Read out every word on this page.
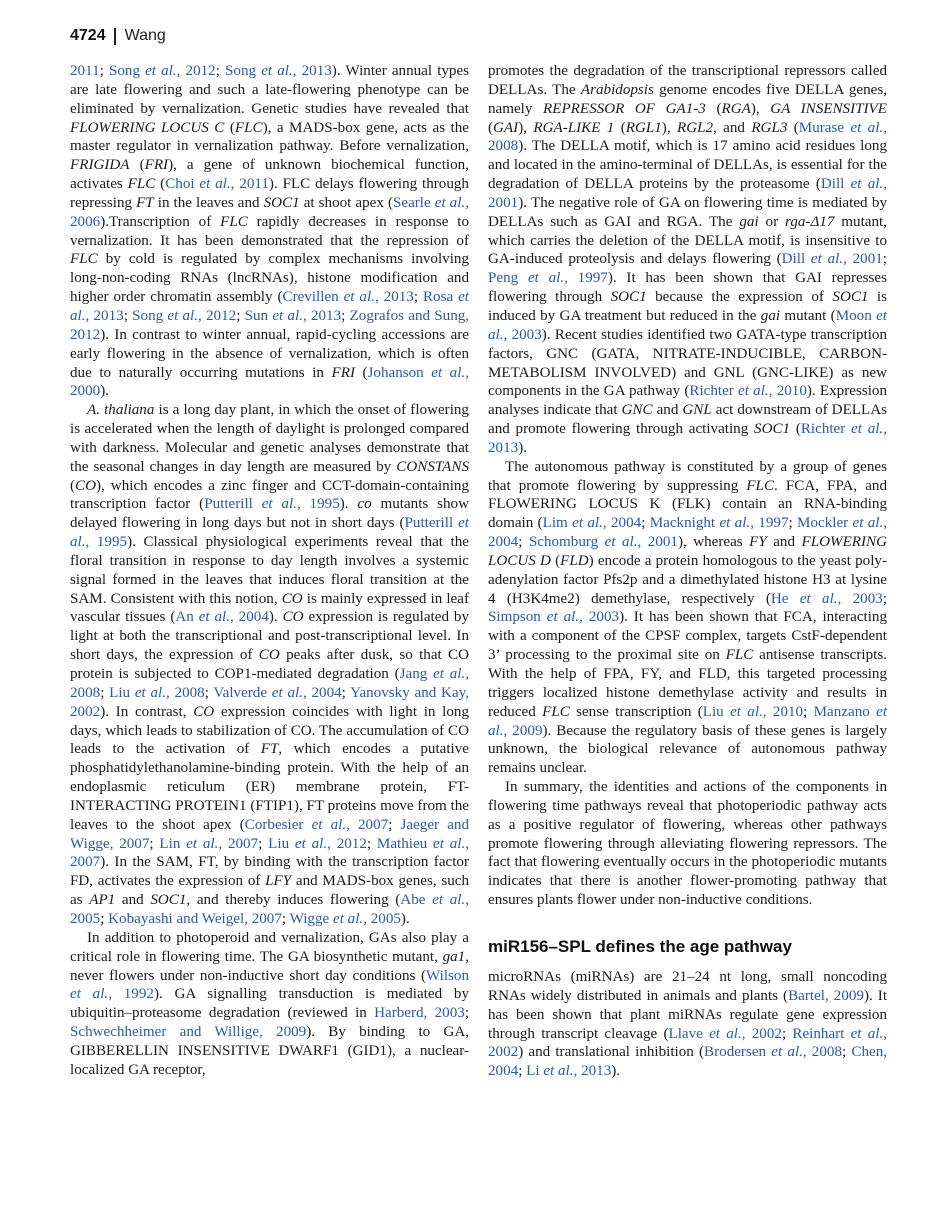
4724 Wang

2011; Song et al., 2012; Song et al., 2013). Winter annual types are late flowering and such a late-flowering phenotype can be eliminated by vernalization. Genetic studies have revealed that FLOWERING LOCUS C (FLC), a MADS-box gene, acts as the master regulator in vernalization pathway. Before vernalization, FRIGIDA (FRI), a gene of unknown biochemical function, activates FLC (Choi et al., 2011). FLC delays flowering through repressing FT in the leaves and SOC1 at shoot apex (Searle et al., 2006).Transcription of FLC rapidly decreases in response to vernalization. It has been demonstrated that the repression of FLC by cold is regulated by complex mechanisms involving long-non-coding RNAs (lncRNAs), histone modification and higher order chromatin assembly (Crevillen et al., 2013; Rosa et al., 2013; Song et al., 2012; Sun et al., 2013; Zografos and Sung, 2012). In contrast to winter annual, rapid-cycling accessions are early flowering in the absence of vernalization, which is often due to naturally occurring mutations in FRI (Johanson et al., 2000).

A. thaliana is a long day plant, in which the onset of flowering is accelerated when the length of daylight is prolonged compared with darkness. Molecular and genetic analyses demonstrate that the seasonal changes in day length are measured by CONSTANS (CO), which encodes a zinc finger and CCT-domain-containing transcription factor (Putterill et al., 1995). co mutants show delayed flowering in long days but not in short days (Putterill et al., 1995). Classical physiological experiments reveal that the floral transition in response to day length involves a systemic signal formed in the leaves that induces floral transition at the SAM. Consistent with this notion, CO is mainly expressed in leaf vascular tissues (An et al., 2004). CO expression is regulated by light at both the transcriptional and post-transcriptional level. In short days, the expression of CO peaks after dusk, so that CO protein is subjected to COP1-mediated degradation (Jang et al., 2008; Liu et al., 2008; Valverde et al., 2004; Yanovsky and Kay, 2002). In contrast, CO expression coincides with light in long days, which leads to stabilization of CO. The accumulation of CO leads to the activation of FT, which encodes a putative phosphatidylethanolamine-binding protein. With the help of an endoplasmic reticulum (ER) membrane protein, FT-INTERACTING PROTEIN1 (FTIP1), FT proteins move from the leaves to the shoot apex (Corbesier et al., 2007; Jaeger and Wigge, 2007; Lin et al., 2007; Liu et al., 2012; Mathieu et al., 2007). In the SAM, FT, by binding with the transcription factor FD, activates the expression of LFY and MADS-box genes, such as AP1 and SOC1, and thereby induces flowering (Abe et al., 2005; Kobayashi and Weigel, 2007; Wigge et al., 2005).

In addition to photoperoid and vernalization, GAs also play a critical role in flowering time. The GA biosynthetic mutant, ga1, never flowers under non-inductive short day conditions (Wilson et al., 1992). GA signalling transduction is mediated by ubiquitin–proteasome degradation (reviewed in Harberd, 2003; Schwechheimer and Willige, 2009). By binding to GA, GIBBERELLIN INSENSITIVE DWARF1 (GID1), a nuclear-localized GA receptor,

promotes the degradation of the transcriptional repressors called DELLAs. The Arabidopsis genome encodes five DELLA genes, namely REPRESSOR OF GA1-3 (RGA), GA INSENSITIVE (GAI), RGA-LIKE 1 (RGL1), RGL2, and RGL3 (Murase et al., 2008). The DELLA motif, which is 17 amino acid residues long and located in the amino-terminal of DELLAs, is essential for the degradation of DELLA proteins by the proteasome (Dill et al., 2001). The negative role of GA on flowering time is mediated by DELLAs such as GAI and RGA. The gai or rga-Δ17 mutant, which carries the deletion of the DELLA motif, is insensitive to GA-induced proteolysis and delays flowering (Dill et al., 2001; Peng et al., 1997). It has been shown that GAI represses flowering through SOC1 because the expression of SOC1 is induced by GA treatment but reduced in the gai mutant (Moon et al., 2003). Recent studies identified two GATA-type transcription factors, GNC (GATA, NITRATE-INDUCIBLE, CARBON-METABOLISM INVOLVED) and GNL (GNC-LIKE) as new components in the GA pathway (Richter et al., 2010). Expression analyses indicate that GNC and GNL act downstream of DELLAs and promote flowering through activating SOC1 (Richter et al., 2013).

The autonomous pathway is constituted by a group of genes that promote flowering by suppressing FLC. FCA, FPA, and FLOWERING LOCUS K (FLK) contain an RNA-binding domain (Lim et al., 2004; Macknight et al., 1997; Mockler et al., 2004; Schomburg et al., 2001), whereas FY and FLOWERING LOCUS D (FLD) encode a protein homologous to the yeast poly-adenylation factor Pfs2p and a dimethylated histone H3 at lysine 4 (H3K4me2) demethylase, respectively (He et al., 2003; Simpson et al., 2003). It has been shown that FCA, interacting with a component of the CPSF complex, targets CstF-dependent 3’ processing to the proximal site on FLC antisense transcripts. With the help of FPA, FY, and FLD, this targeted processing triggers localized histone demethylase activity and results in reduced FLC sense transcription (Liu et al., 2010; Manzano et al., 2009). Because the regulatory basis of these genes is largely unknown, the biological relevance of autonomous pathway remains unclear.

In summary, the identities and actions of the components in flowering time pathways reveal that photoperiodic pathway acts as a positive regulator of flowering, whereas other pathways promote flowering through alleviating flowering repressors. The fact that flowering eventually occurs in the photoperiodic mutants indicates that there is another flower-promoting pathway that ensures plants flower under non-inductive conditions.

miR156–SPL defines the age pathway

microRNAs (miRNAs) are 21–24 nt long, small noncoding RNAs widely distributed in animals and plants (Bartel, 2009). It has been shown that plant miRNAs regulate gene expression through transcript cleavage (Llave et al., 2002; Reinhart et al., 2002) and translational inhibition (Brodersen et al., 2008; Chen, 2004; Li et al., 2013).
